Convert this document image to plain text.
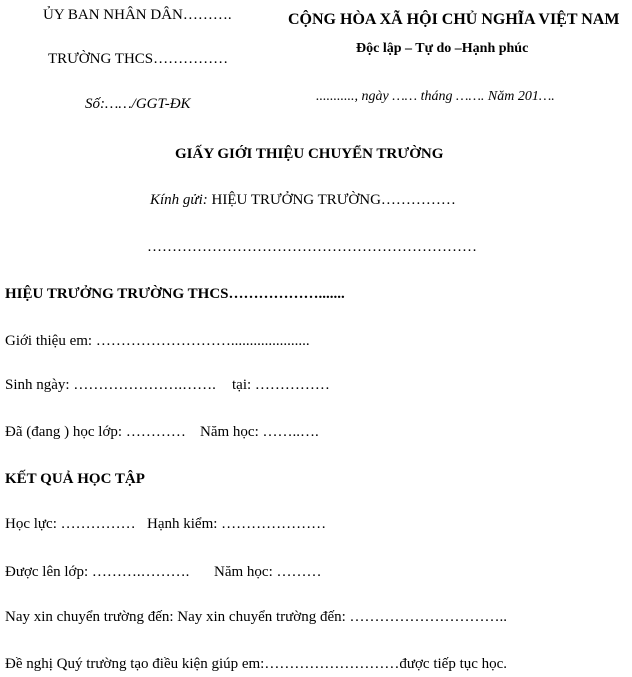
ỦY BAN NHÂN DÂN……….
TRƯỜNG THCS……………
Số:……/GGT-ĐK
CỘNG HÒA XÃ HỘI CHỦ NGHĨA VIỆT NAM
Độc lập – Tự do –Hạnh phúc
..........., ngày …… tháng ……. Năm 201….
GIẤY GIỚI THIỆU CHUYỂN TRƯỜNG
Kính gửi: HIỆU TRƯỞNG TRƯỜNG……………
…………………………………………………………
HIỆU TRƯỞNG TRƯỜNG THCS……………….......
Giới thiệu em: ……………………….....................
Sinh ngày: ………………….……. tại: ……………
Đã (đang ) học lớp: ………… Năm học: ……..….
KẾT QUẢ HỌC TẬP
Học lực: …………… Hạnh kiểm: …………………
Được lên lớp: ……….………. Năm học: ………
Nay xin chuyển trường đến: Nay xin chuyển trường đến: …………………………..
Đề nghị Quý trường tạo điều kiện giúp em:………………………được tiếp tục học.
